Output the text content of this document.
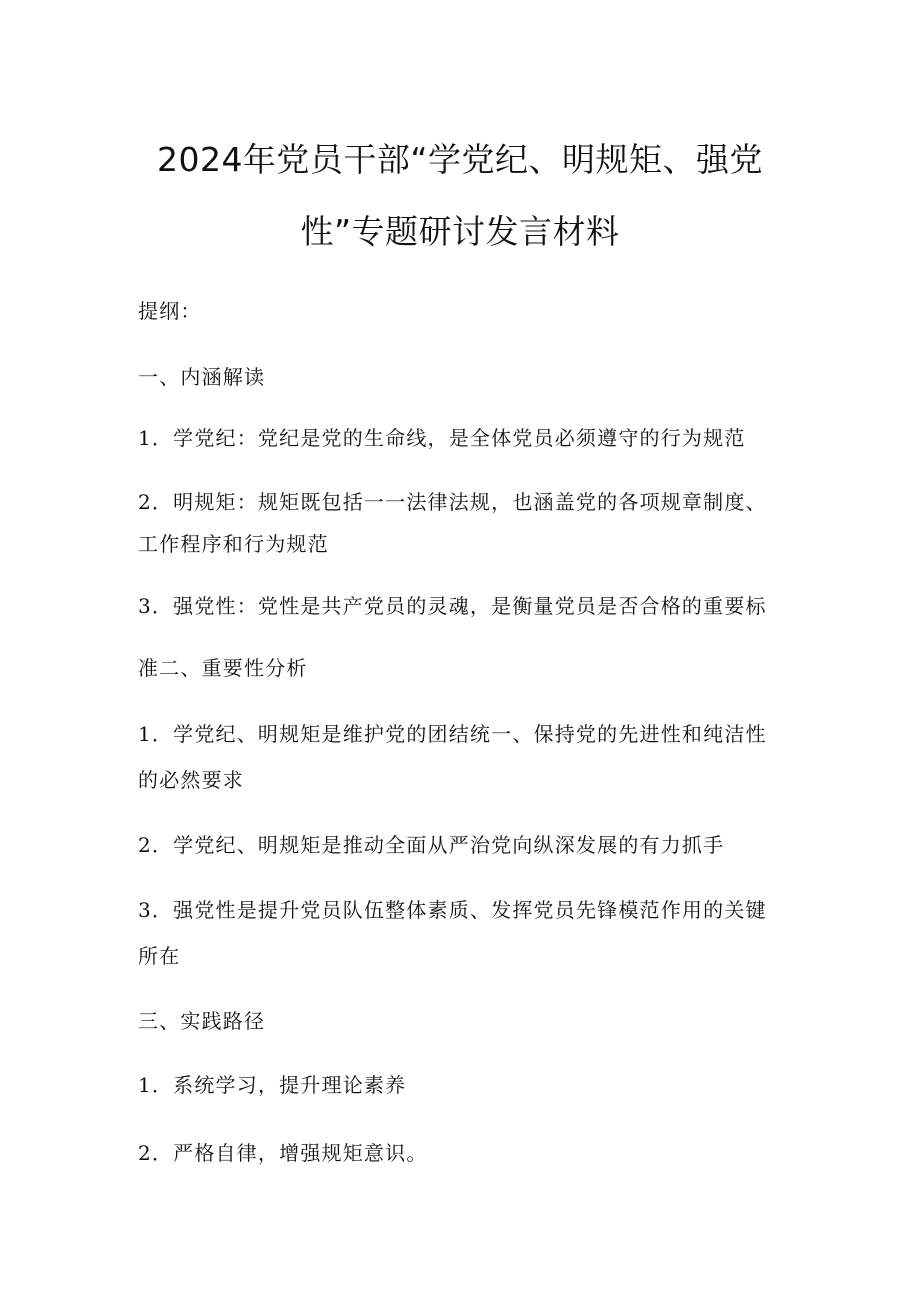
2024年党员干部“学党纪、明规矩、强党
性”专题研讨发言材料
提纲：
一、内涵解读
1．学党纪：党纪是党的生命线，是全体党员必须遵守的行为规范
2．明规矩：规矩既包括一一法律法规，也涵盖党的各项规章制度、
工作程序和行为规范
3．强党性：党性是共产党员的灵魂，是衡量党员是否合格的重要标
准二、重要性分析
1．学党纪、明规矩是维护党的团结统一、保持党的先进性和纯洁性
的必然要求
2．学党纪、明规矩是推动全面从严治党向纵深发展的有力抓手
3．强党性是提升党员队伍整体素质、发挥党员先锋模范作用的关键
所在
三、实践路径
1．系统学习，提升理论素养
2．严格自律，增强规矩意识。
